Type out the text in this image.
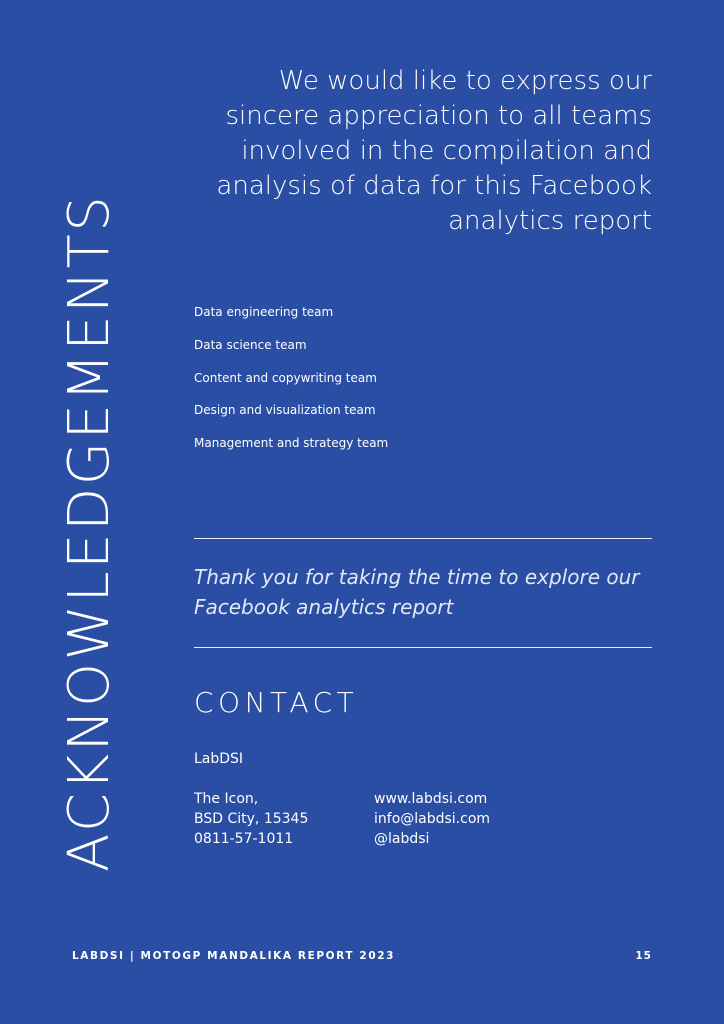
ACKNOWLEDGEMENTS
We would like to express our sincere appreciation to all teams involved in the compilation and analysis of data for this Facebook analytics report
Data engineering team
Data science team
Content and copywriting team
Design and visualization team
Management and strategy team
Thank you for taking the time to explore our Facebook analytics report
CONTACT
LabDSI
The Icon,
BSD City, 15345
0811-57-1011
www.labdsi.com
info@labdsi.com
@labdsi
LABDSI | MOTOGP MANDALIKA REPORT 2023	15
